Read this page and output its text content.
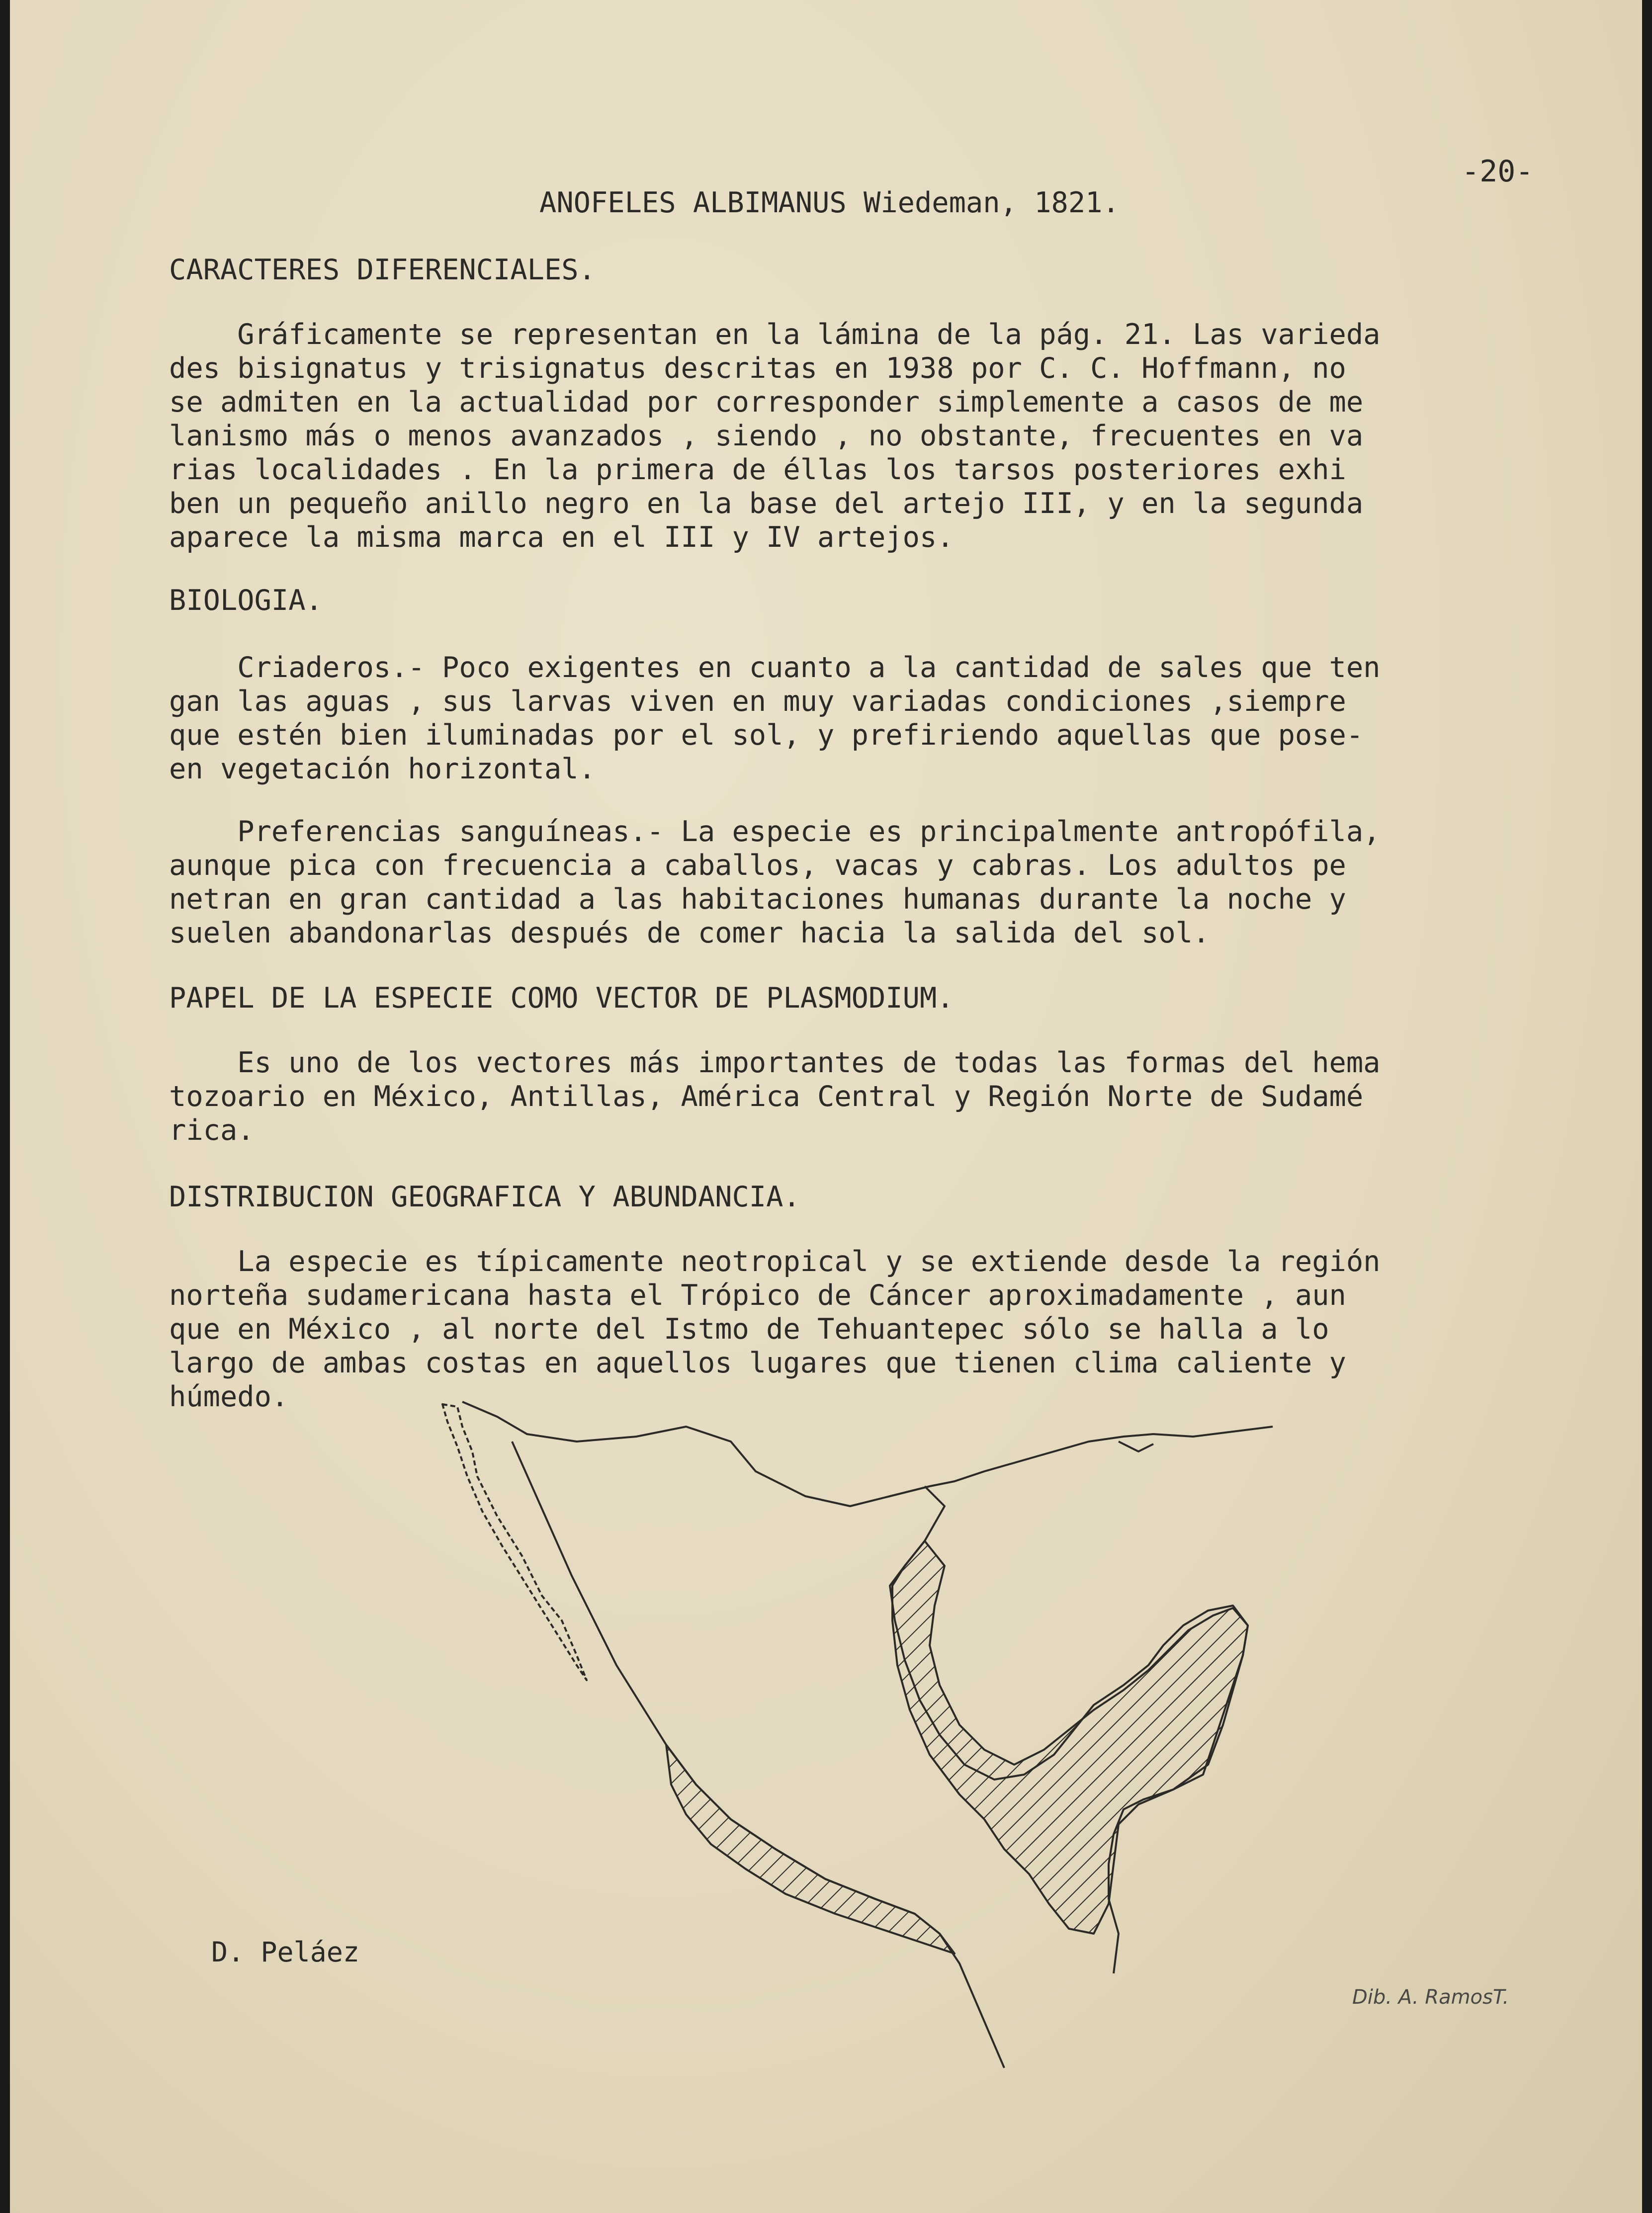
-20-
ANOFELES ALBIMANUS Wiedeman, 1821.
CARACTERES DIFERENCIALES.
Gráficamente se representan en la lámina de la pág. 21. Las varieda
des bisignatus y trisignatus descritas en 1938 por C. C. Hoffmann, no
se admiten en la actualidad por corresponder simplemente a casos de me
lanismo más o menos avanzados , siendo , no obstante, frecuentes en va
rias localidades . En la primera de éllas los tarsos posteriores exhi
ben un pequeño anillo negro en la base del artejo III, y en la segunda
aparece la misma marca en el III y IV artejos.
BIOLOGIA.
Criaderos.- Poco exigentes en cuanto a la cantidad de sales que ten
gan las aguas , sus larvas viven en muy variadas condiciones ,siempre
que estén bien iluminadas por el sol, y prefiriendo aquellas que pose-
en vegetación horizontal.
Preferencias sanguíneas.- La especie es principalmente antropófila,
aunque pica con frecuencia a caballos, vacas y cabras. Los adultos pe
netran en gran cantidad a las habitaciones humanas durante la noche y
suelen abandonarlas después de comer hacia la salida del sol.
PAPEL DE LA ESPECIE COMO VECTOR DE PLASMODIUM.
Es uno de los vectores más importantes de todas las formas del hema
tozoario en México, Antillas, América Central y Región Norte de Sudamé
rica.
DISTRIBUCION GEOGRAFICA Y ABUNDANCIA.
La especie es típicamente neotropical y se extiende desde la región
norteña sudamericana hasta el Trópico de Cáncer aproximadamente , aun
que en México , al norte del Istmo de Tehuantepec sólo se halla a lo
largo de ambas costas en aquellos lugares que tienen clima caliente y
húmedo.
D. Peláez
Dib. A. RamosT.
